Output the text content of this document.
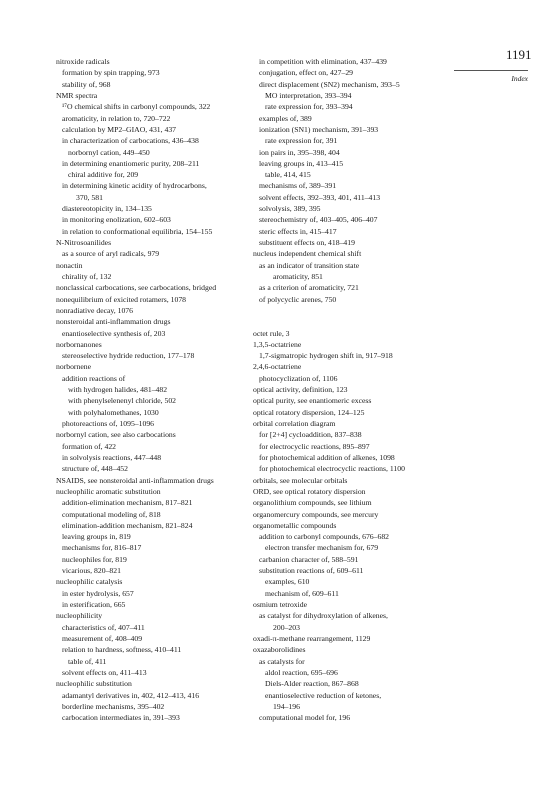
nitroxide radicals
formation by spin trapping, 973
stability of, 968
NMR spectra
¹⁷O chemical shifts in carbonyl compounds, 322
aromaticity, in relation to, 720–722
calculation by MP2–GIAO, 431, 437
in characterization of carbocations, 436–438
norbornyl cation, 449–450
in determining enantiomeric purity, 208–211
chiral additive for, 209
in determining kinetic acidity of hydrocarbons,
370, 581
diastereotopicity in, 134–135
in monitoring enolization, 602–603
in relation to conformational equilibria, 154–155
N-Nitrosoanilides
as a source of aryl radicals, 979
nonactin
chirality of, 132
nonclassical carbocations, see carbocations, bridged
nonequilibrium of exicited rotamers, 1078
nonradiative decay, 1076
nonsteroidal anti-inflammation drugs
enantioselective synthesis of, 203
norbornanones
stereoselective hydride reduction, 177–178
norbornene
addition reactions of
with hydrogen halides, 481–482
with phenylselenenyl chloride, 502
with polyhalomethanes, 1030
photoreactions of, 1095–1096
norbornyl cation, see also carbocations
formation of, 422
in solvolysis reactions, 447–448
structure of, 448–452
NSAIDS, see nonsteroidal anti-inflammation drugs
nucleophilic aromatic substitution
addition-elimination mechanism, 817–821
computational modeling of, 818
elimination-addition mechanism, 821–824
leaving groups in, 819
mechanisms for, 816–817
nucleophiles for, 819
vicarious, 820–821
nucleophilic catalysis
in ester hydrolysis, 657
in esterification, 665
nucleophilicity
characteristics of, 407–411
measurement of, 408–409
relation to hardness, softness, 410–411
table of, 411
solvent effects on, 411–413
nucleophilic substitution
adamantyl derivatives in, 402, 412–413, 416
borderline mechanisms, 395–402
carbocation intermediates in, 391–393
in competition with elimination, 437–439
conjugation, effect on, 427–29
direct displacement (SN2) mechanism, 393–5
MO interpretation, 393–394
rate expression for, 393–394
examples of, 389
ionization (SN1) mechanism, 391–393
rate expression for, 391
ion pairs in, 395–398, 404
leaving groups in, 413–415
table, 414, 415
mechanisms of, 389–391
solvent effects, 392–393, 401, 411–413
solvolysis, 389, 395
stereochemistry of, 403–405, 406–407
steric effects in, 415–417
substituent effects on, 418–419
nucleus independent chemical shift
as an indicator of transition state
aromaticity, 851
as a criterion of aromaticity, 721
of polycyclic arenes, 750
octet rule, 3
1,3,5-octatriene
1,7-sigmatropic hydrogen shift in, 917–918
2,4,6-octatriene
photocyclization of, 1106
optical activity, definition, 123
optical purity, see enantiomeric excess
optical rotatory dispersion, 124–125
orbital correlation diagram
for [2+4] cycloaddition, 837–838
for electrocyclic reactions, 895–897
for photochemical addition of alkenes, 1098
for photochemical electrocyclic reactions, 1100
orbitals, see molecular orbitals
ORD, see optical rotatory dispersion
organolithium compounds, see lithium
organomercury compounds, see mercury
organometallic compounds
addition to carbonyl compounds, 676–682
electron transfer mechanism for, 679
carbanion character of, 588–591
substitution reactions of, 609–611
examples, 610
mechanism of, 609–611
osmium tetroxide
as catalyst for dihydroxylation of alkenes,
200–203
oxadi-π-methane rearrangement, 1129
oxazaborolidines
as catalysts for
aldol reaction, 695–696
Diels-Alder reaction, 867–868
enantioselective reduction of ketones,
194–196
computational model for, 196
1191
Index
